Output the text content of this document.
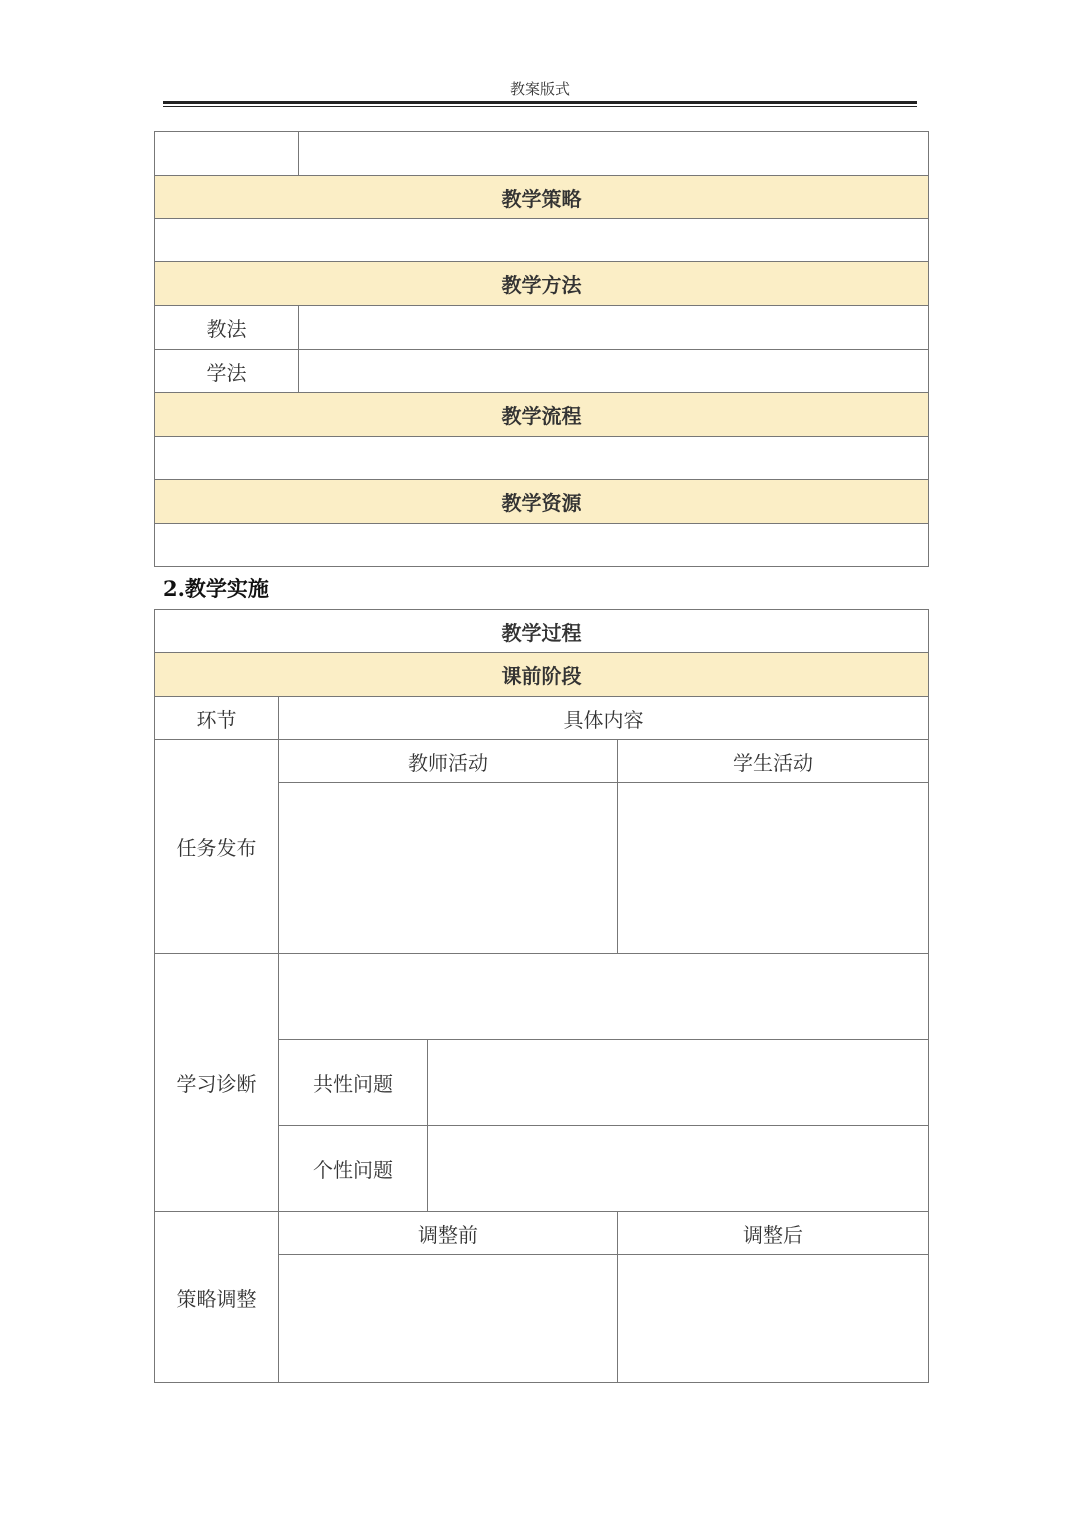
教案版式

教学策略	

教学方法	
教法	
学法	
教学流程	

教学资源	

2.教学实施
教学过程			
课前阶段			
环节	具体内容		
任务发布	教师活动		学生活动

学习诊断			
	共性问题		
	个性问题		
策略调整	调整前		调整后
